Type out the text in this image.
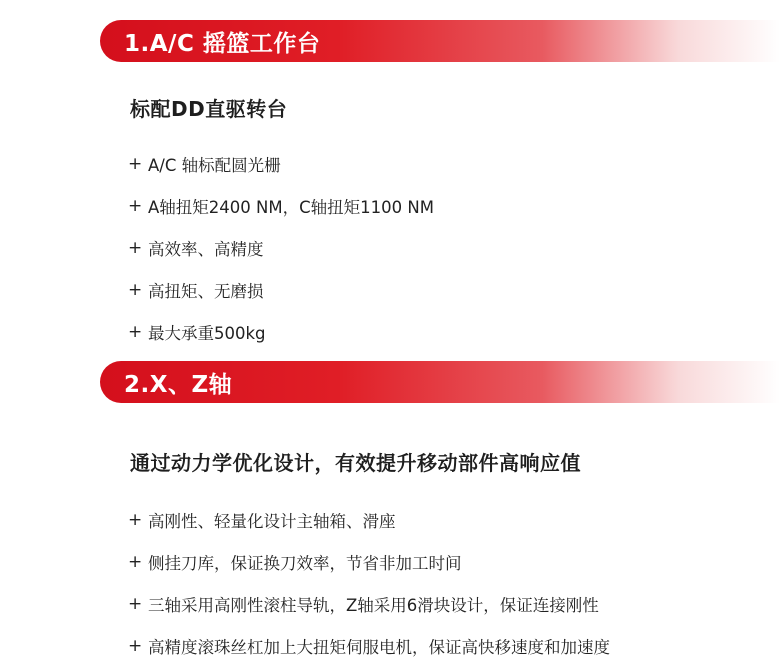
1.A/C 摇篮工作台
标配DD直驱转台
+ A/C 轴标配圆光栅
+ A轴扭矩2400 NM，C轴扭矩1100 NM
+ 高效率、高精度
+ 高扭矩、无磨损
+ 最大承重500kg
2.X、Z轴
通过动力学优化设计，有效提升移动部件高响应值
+ 高刚性、轻量化设计主轴箱、滑座
+ 侧挂刀库，保证换刀效率，节省非加工时间
+ 三轴采用高刚性滚柱导轨，Z轴采用6滑块设计，保证连接刚性
+ 高精度滚珠丝杠加上大扭矩伺服电机，保证高快移速度和加速度
